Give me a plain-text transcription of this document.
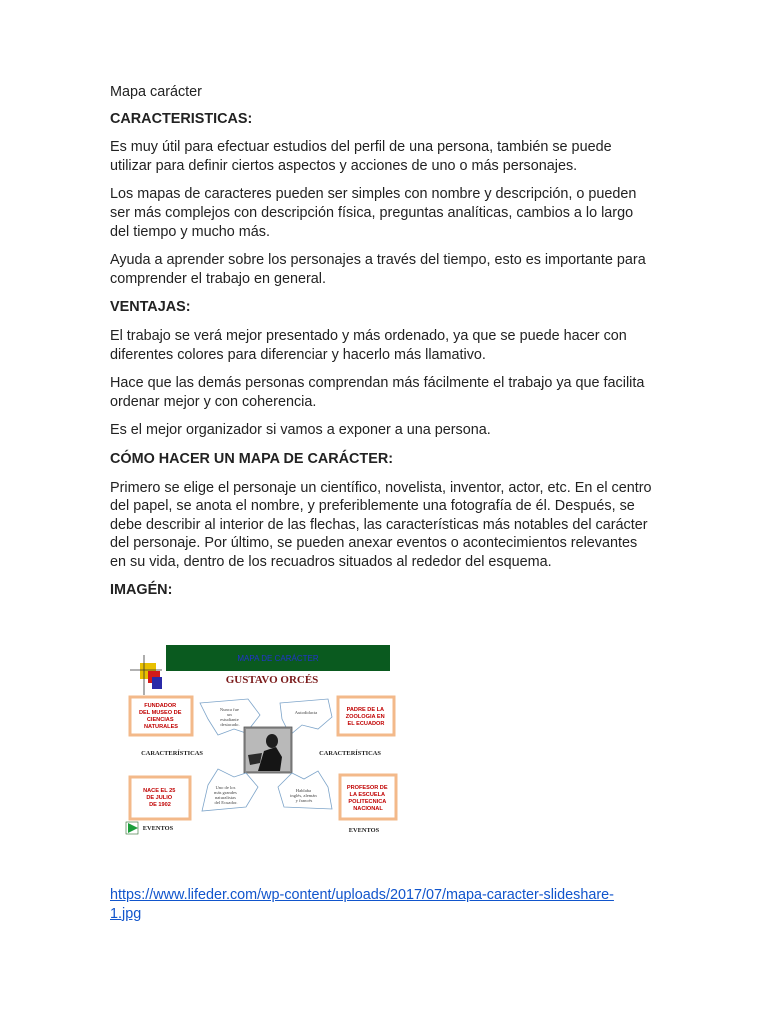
Mapa carácter

CARACTERISTICAS:

Es muy útil para efectuar estudios del perfil de una persona, también se puede utilizar para definir ciertos aspectos y acciones de uno o más personajes.

Los mapas de caracteres pueden ser simples con nombre y descripción, o pueden ser más complejos con descripción física, preguntas analíticas, cambios a lo largo del tiempo y mucho más.

Ayuda a aprender sobre los personajes a través del tiempo, esto es importante para comprender el trabajo en general.

VENTAJAS:

El trabajo se verá mejor presentado y más ordenado, ya que se puede hacer con diferentes colores para diferenciar y hacerlo más llamativo.

Hace que las demás personas comprendan más fácilmente el trabajo ya que facilita ordenar mejor y con coherencia.

Es el mejor organizador si vamos a exponer a una persona.

CÓMO HACER UN MAPA DE CARÁCTER:

Primero se elige el personaje un científico, novelista, inventor, actor, etc. En el centro del papel, se anota el nombre, y preferiblemente una fotografía de él. Después, se debe describir al interior de las flechas, las características más notables del carácter del personaje. Por último, se pueden anexar eventos o acontecimientos relevantes en su vida, dentro de los recuadros situados al rededor del esquema.

IMAGÉN:

MAPA DE CARÁCTER
GUSTAVO ORCÉS
FUNDADOR DEL MUSEO DE CIENCIAS NATURALES
PADRE DE LA ZOOLOGIA EN EL ECUADOR
Nunca fue un estudiante destacado.
Autodidacta
CARACTERÍSTICAS	CARACTERÍSTICAS
Uno de los más grandes naturalistas del Ecuador.
Hablaba inglés, alemán y francés
NACE EL 25 DE JULIO DE 1902
PROFESOR DE LA ESCUELA POLITECNICA NACIONAL
EVENTOS	EVENTOS
https://www.lifeder.com/wp-content/uploads/2017/07/mapa-caracter-slideshare-
1.jpg
